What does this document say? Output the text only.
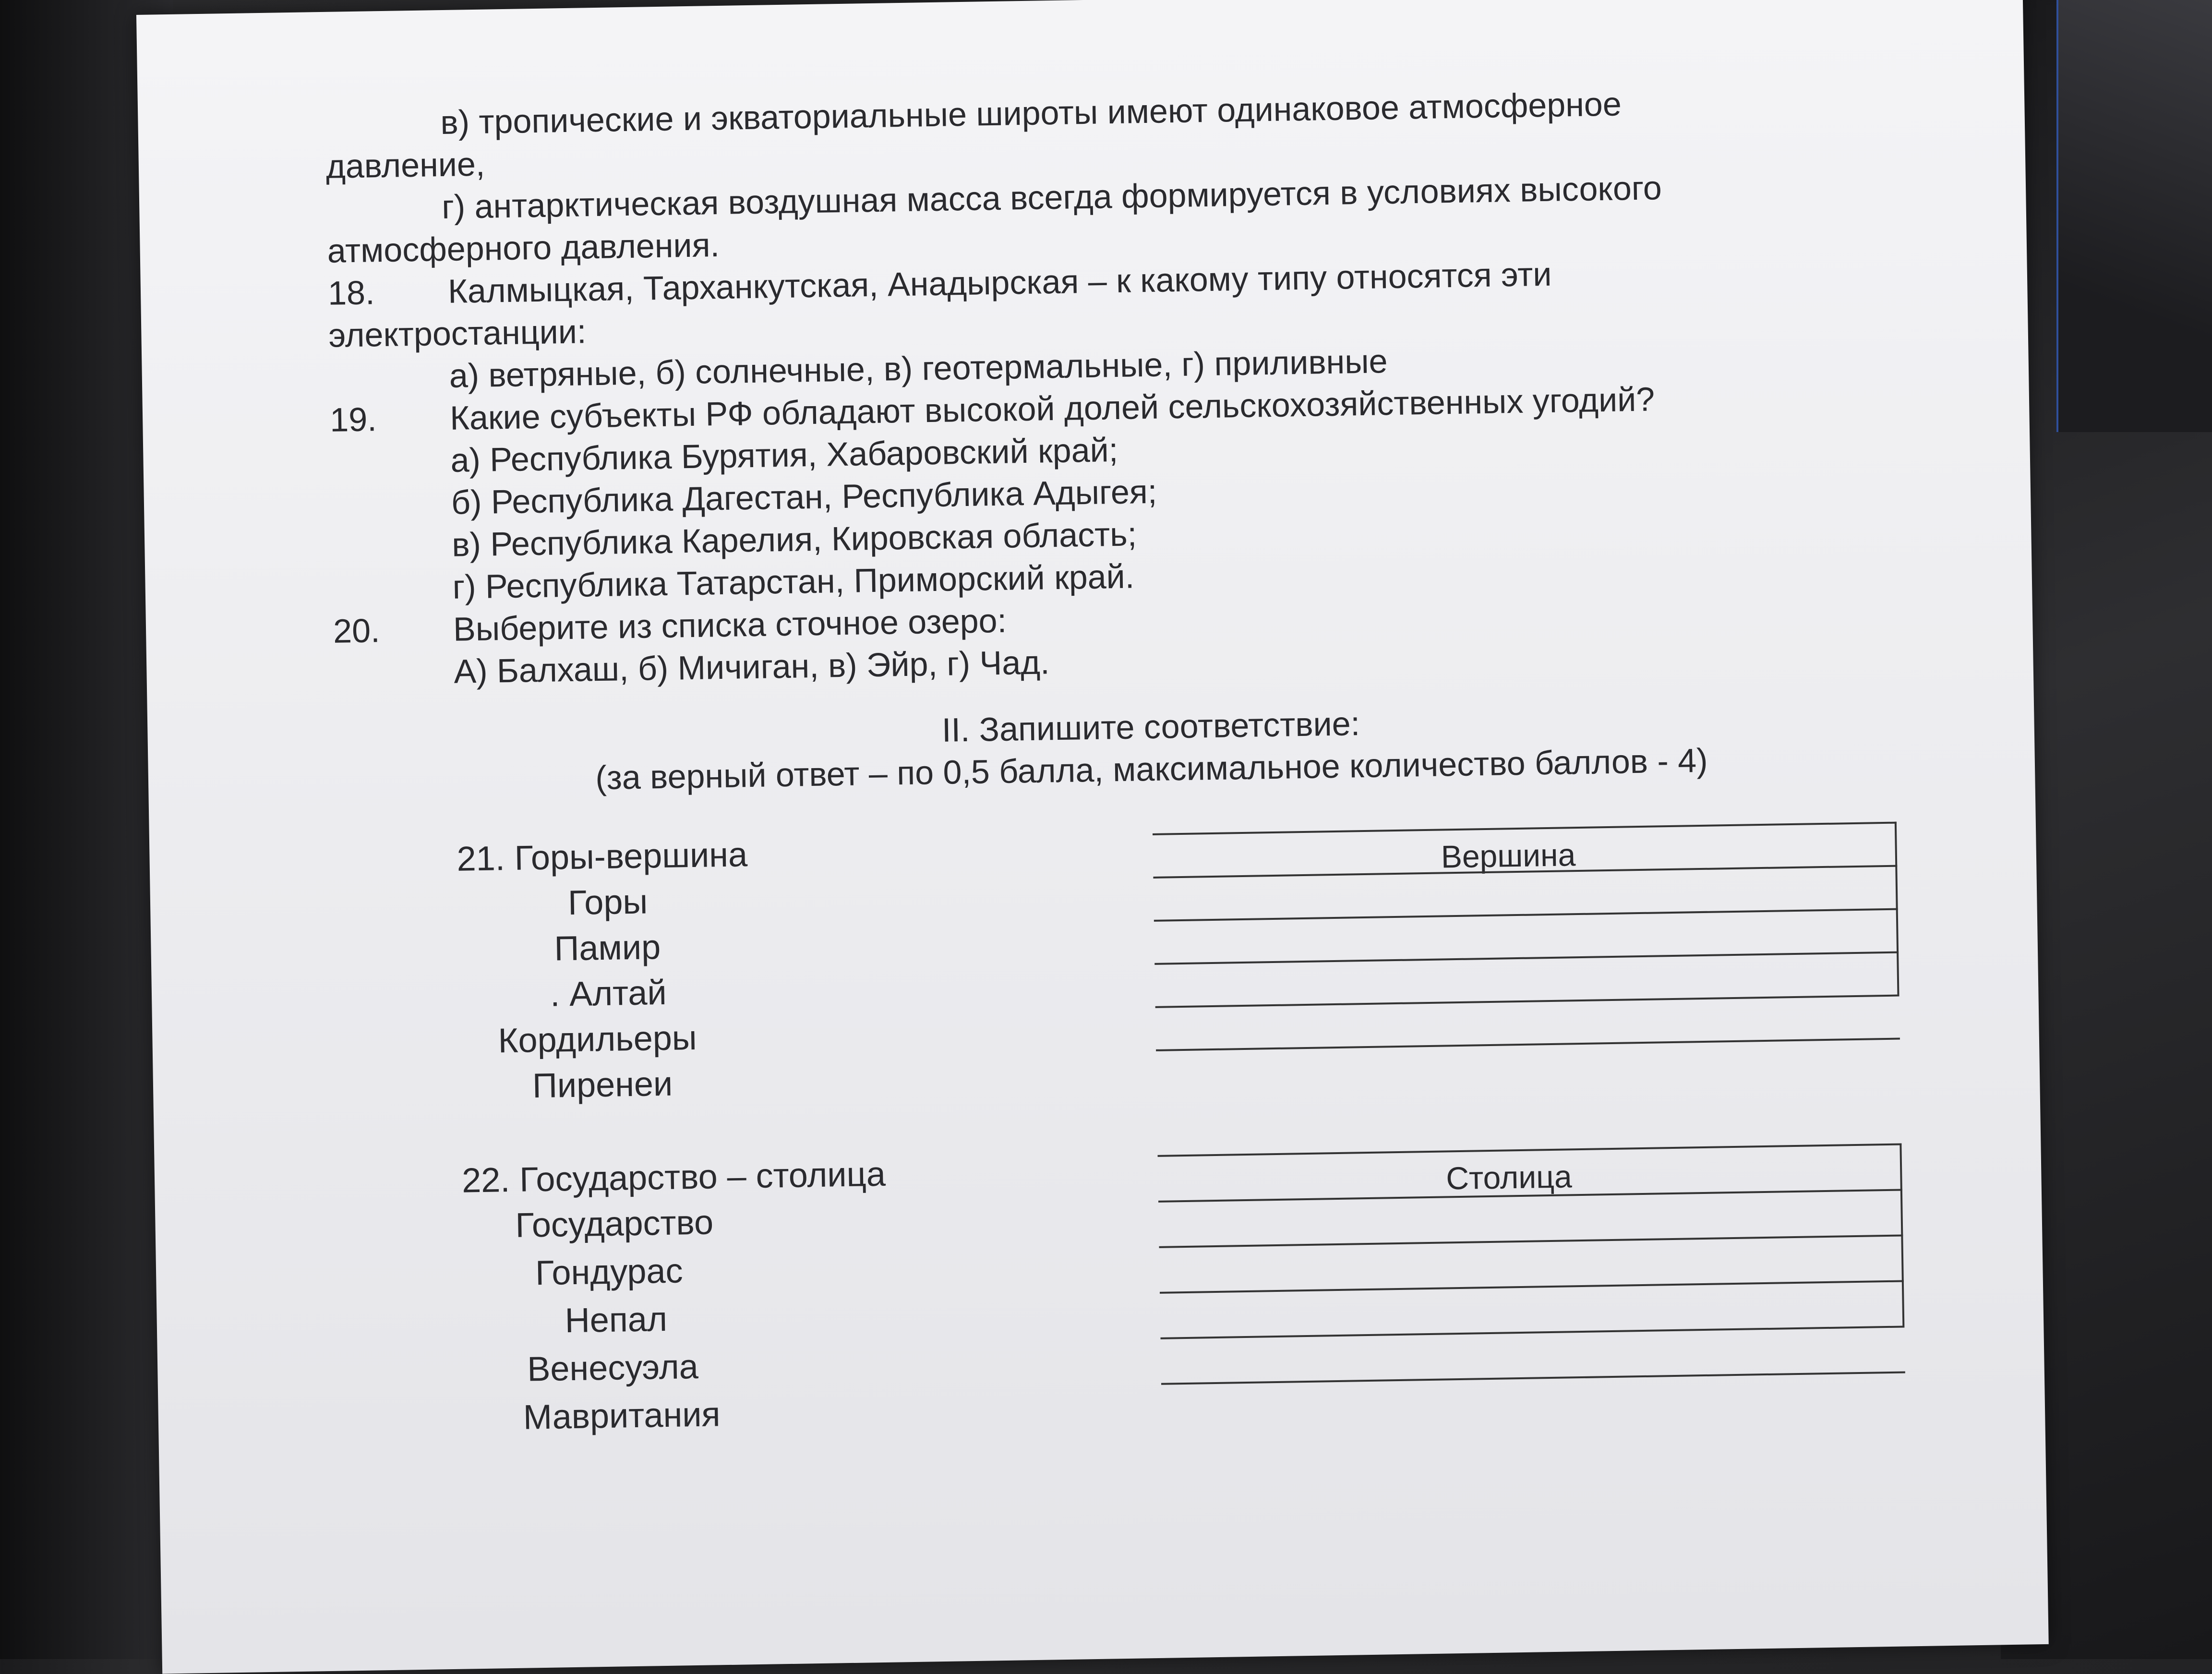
в) тропические и экваториальные широты имеют одинаковое атмосферное
давление,
г) антарктическая воздушная масса всегда формируется в условиях высокого
атмосферного давления.
18. Калмыцкая, Тарханкутская, Анадырская – к какому типу относятся эти
электростанции:
а) ветряные, б) солнечные, в) геотермальные, г) приливные
19. Какие субъекты РФ обладают высокой долей сельскохозяйственных угодий?
а) Республика Бурятия, Хабаровский край;
б) Республика Дагестан, Республика Адыгея;
в) Республика Карелия, Кировская область;
г) Республика Татарстан, Приморский край.
20. Выберите из списка сточное озеро:
А) Балхаш, б) Мичиган, в) Эйр, г) Чад.
II. Запишите соответствие:
(за верный ответ – по 0,5 балла, максимальное количество баллов - 4)
21. Горы-вершина
Горы
Памир
. Алтай
Кордильеры
Пиренеи
Вершина
22. Государство – столица
Государство
Гондурас
Непал
Венесуэла
Мавритания
Столица
